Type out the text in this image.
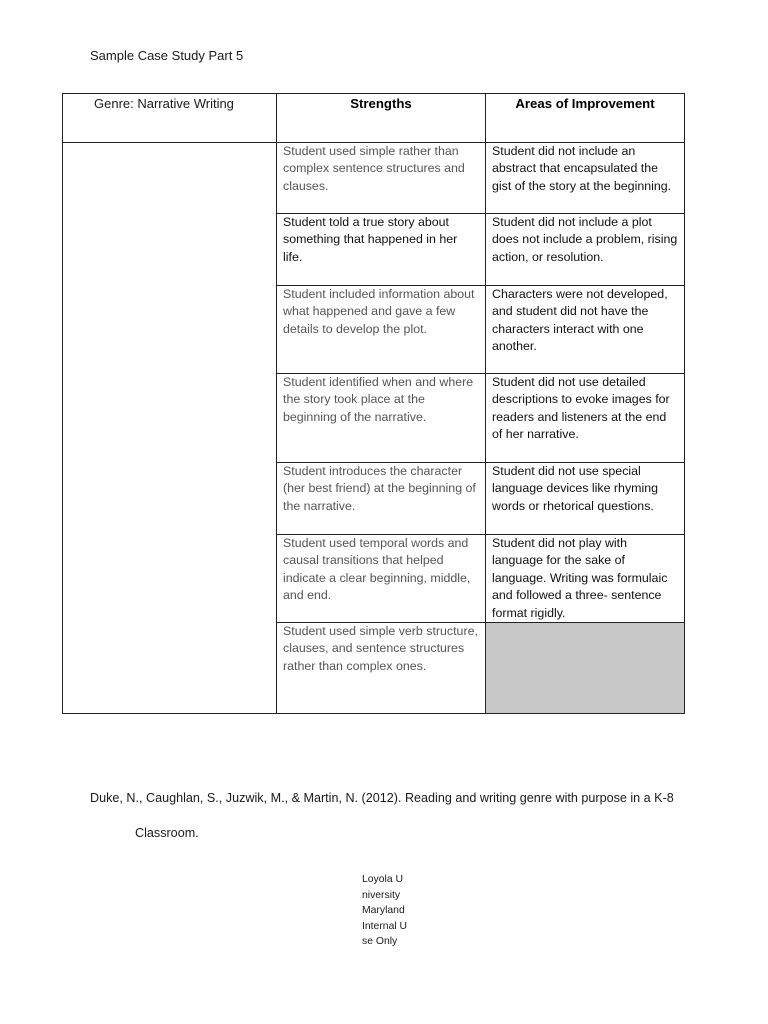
Sample Case Study Part 5
Genre: Narrative Writing	Strengths	Areas of Improvement
	Student used simple rather than complex sentence structures and clauses.	Student did not include an abstract that encapsulated the gist of the story at the beginning.
	Student told a true story about something that happened in her life.	Student did not include a plot does not include a problem, rising action, or resolution.
	Student included information about what happened and gave a few details to develop the plot.	Characters were not developed, and student did not have the characters interact with one another.
	Student identified when and where the story took place at the beginning of the narrative.	Student did not use detailed descriptions to evoke images for readers and listeners at the end of her narrative.
	Student introduces the character (her best friend) at the beginning of the narrative.	Student did not use special language devices like rhyming words or rhetorical questions.
	Student used temporal words and causal transitions that helped indicate a clear beginning, middle, and end.	Student did not play with language for the sake of language. Writing was formulaic and followed a three- sentence format rigidly.
	Student used simple verb structure, clauses, and sentence structures rather than complex ones.	
Duke, N., Caughlan, S., Juzwik, M., & Martin, N. (2012). Reading and writing genre with purpose in a K-8
Classroom.
Loyola University Maryland Internal Use Only
